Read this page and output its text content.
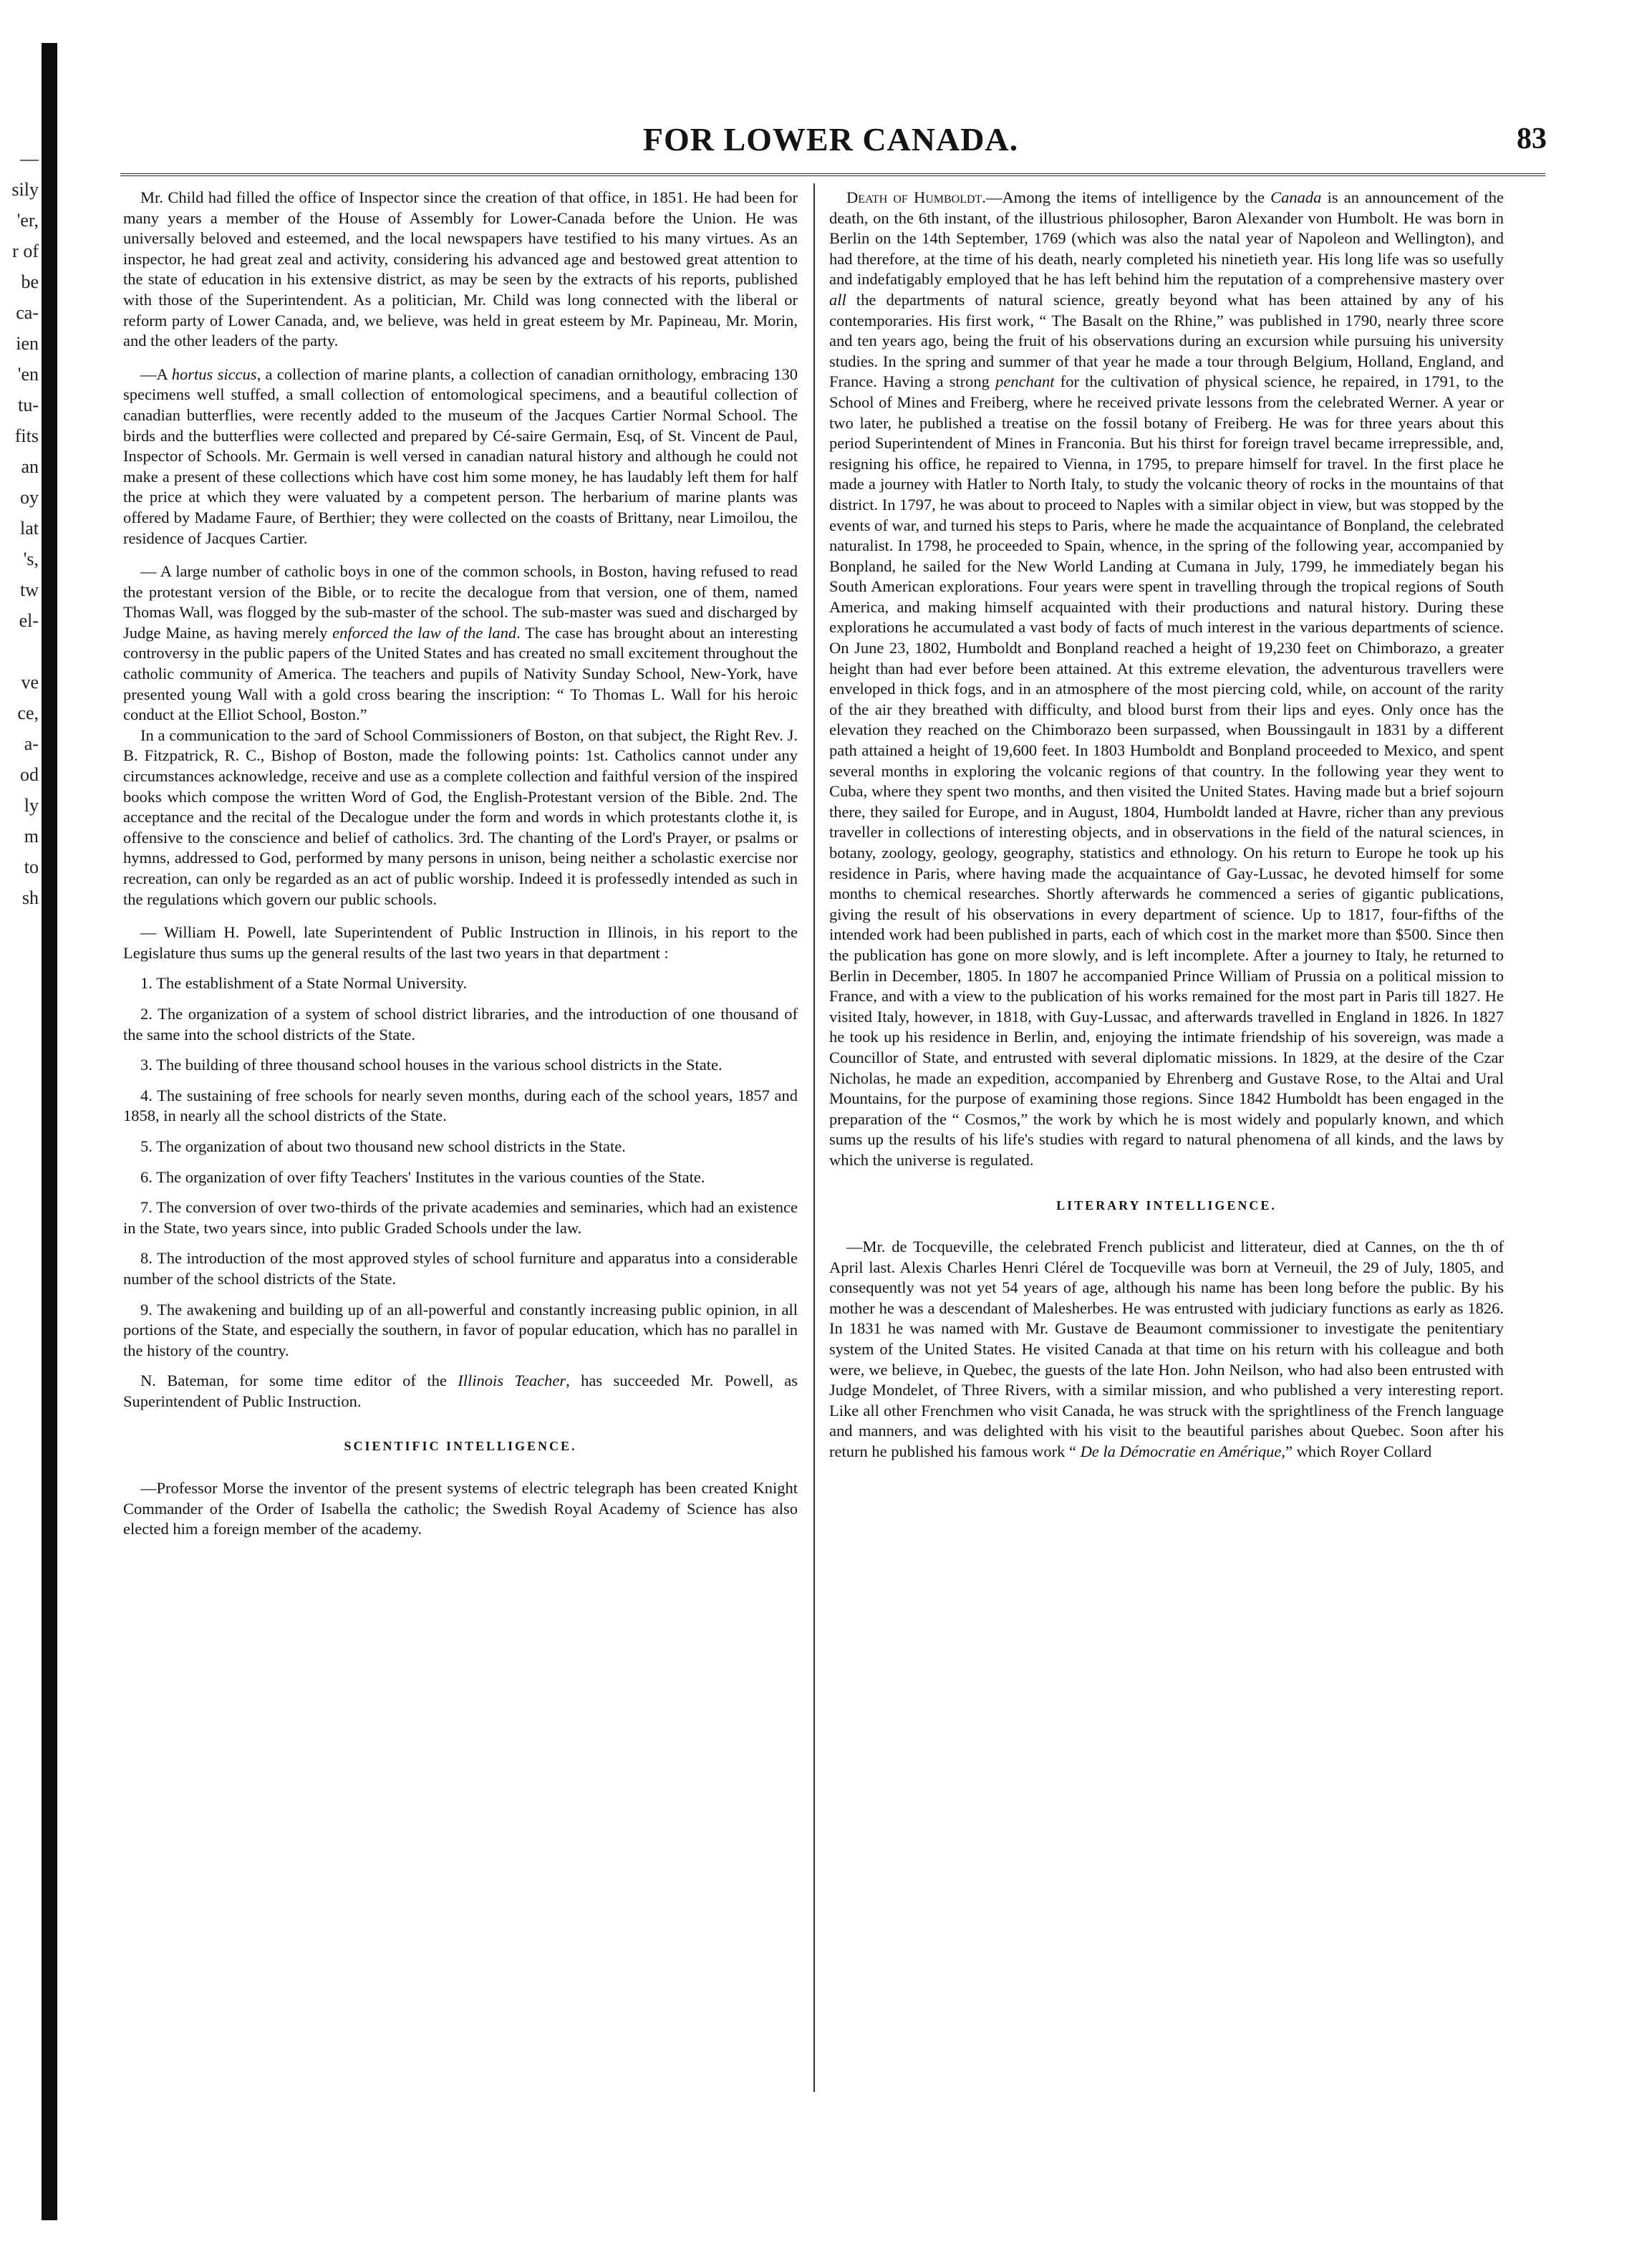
—
sily
'er,
r of
be
ca-
ien
'en
tu-
fits
an
oy
lat
's,
tw
el-
ve
ce,
a-
od
ly
m
to
sh
FOR LOWER CANADA.	83

Mr. Child had filled the office of Inspector since the creation of that office, in 1851. He had been for many years a member of the House of Assembly for Lower-Canada before the Union. He was universally beloved and esteemed, and the local newspapers have testified to his many virtues. As an inspector, he had great zeal and activity, considering his advanced age and bestowed great attention to the state of education in his extensive district, as may be seen by the extracts of his reports, published with those of the Superintendent. As a politician, Mr. Child was long connected with the liberal or reform party of Lower Canada, and, we believe, was held in great esteem by Mr. Papineau, Mr. Morin, and the other leaders of the party.

—A hortus siccus, a collection of marine plants, a collection of canadian ornithology, embracing 130 specimens well stuffed, a small collection of entomological specimens, and a beautiful collection of canadian butterflies, were recently added to the museum of the Jacques Cartier Normal School. The birds and the butterflies were collected and prepared by Cé-saire Germain, Esq, of St. Vincent de Paul, Inspector of Schools. Mr. Germain is well versed in canadian natural history and although he could not make a present of these collections which have cost him some money, he has laudably left them for half the price at which they were valuated by a competent person. The herbarium of marine plants was offered by Madame Faure, of Berthier; they were collected on the coasts of Brittany, near Limoilou, the residence of Jacques Cartier.

— A large number of catholic boys in one of the common schools, in Boston, having refused to read the protestant version of the Bible, or to recite the decalogue from that version, one of them, named Thomas Wall, was flogged by the sub-master of the school. The sub-master was sued and discharged by Judge Maine, as having merely enforced the law of the land. The case has brought about an interesting controversy in the public papers of the United States and has created no small excitement throughout the catholic community of America. The teachers and pupils of Nativity Sunday School, New-York, have presented young Wall with a gold cross bearing the inscription: “ To Thomas L. Wall for his heroic conduct at the Elliot School, Boston.”

In a communication to the ɔard of School Commissioners of Boston, on that subject, the Right Rev. J. B. Fitzpatrick, R. C., Bishop of Boston, made the following points: 1st. Catholics cannot under any circumstances acknowledge, receive and use as a complete collection and faithful version of the inspired books which compose the written Word of God, the English-Protestant version of the Bible. 2nd. The acceptance and the recital of the Decalogue under the form and words in which protestants clothe it, is offensive to the conscience and belief of catholics. 3rd. The chanting of the Lord's Prayer, or psalms or hymns, addressed to God, performed by many persons in unison, being neither a scholastic exercise nor recreation, can only be regarded as an act of public worship. Indeed it is professedly intended as such in the regulations which govern our public schools.

— William H. Powell, late Superintendent of Public Instruction in Illinois, in his report to the Legislature thus sums up the general results of the last two years in that department :

1. The establishment of a State Normal University.

2. The organization of a system of school district libraries, and the introduction of one thousand of the same into the school districts of the State.

3. The building of three thousand school houses in the various school districts in the State.

4. The sustaining of free schools for nearly seven months, during each of the school years, 1857 and 1858, in nearly all the school districts of the State.

5. The organization of about two thousand new school districts in the State.

6. The organization of over fifty Teachers' Institutes in the various counties of the State.

7. The conversion of over two-thirds of the private academies and seminaries, which had an existence in the State, two years since, into public Graded Schools under the law.

8. The introduction of the most approved styles of school furniture and apparatus into a considerable number of the school districts of the State.

9. The awakening and building up of an all-powerful and constantly increasing public opinion, in all portions of the State, and especially the southern, in favor of popular education, which has no parallel in the history of the country.

N. Bateman, for some time editor of the Illinois Teacher, has succeeded Mr. Powell, as Superintendent of Public Instruction.

SCIENTIFIC INTELLIGENCE.

—Professor Morse the inventor of the present systems of electric telegraph has been created Knight Commander of the Order of Isabella the catholic; the Swedish Royal Academy of Science has also elected him a foreign member of the academy.

Death of Humboldt.—Among the items of intelligence by the Canada is an announcement of the death, on the 6th instant, of the illustrious philosopher, Baron Alexander von Humbolt. He was born in Berlin on the 14th September, 1769 (which was also the natal year of Napoleon and Wellington), and had therefore, at the time of his death, nearly completed his ninetieth year. His long life was so usefully and indefatigably employed that he has left behind him the reputation of a comprehensive mastery over all the departments of natural science, greatly beyond what has been attained by any of his contemporaries. His first work, “ The Basalt on the Rhine,” was published in 1790, nearly three score and ten years ago, being the fruit of his observations during an excursion while pursuing his university studies. In the spring and summer of that year he made a tour through Belgium, Holland, England, and France. Having a strong penchant for the cultivation of physical science, he repaired, in 1791, to the School of Mines and Freiberg, where he received private lessons from the celebrated Werner. A year or two later, he published a treatise on the fossil botany of Freiberg. He was for three years about this period Superintendent of Mines in Franconia. But his thirst for foreign travel became irrepressible, and, resigning his office, he repaired to Vienna, in 1795, to prepare himself for travel. In the first place he made a journey with Hatler to North Italy, to study the volcanic theory of rocks in the mountains of that district. In 1797, he was about to proceed to Naples with a similar object in view, but was stopped by the events of war, and turned his steps to Paris, where he made the acquaintance of Bonpland, the celebrated naturalist. In 1798, he proceeded to Spain, whence, in the spring of the following year, accompanied by Bonpland, he sailed for the New World Landing at Cumana in July, 1799, he immediately began his South American explorations. Four years were spent in travelling through the tropical regions of South America, and making himself acquainted with their productions and natural history. During these explorations he accumulated a vast body of facts of much interest in the various departments of science. On June 23, 1802, Humboldt and Bonpland reached a height of 19,230 feet on Chimborazo, a greater height than had ever before been attained. At this extreme elevation, the adventurous travellers were enveloped in thick fogs, and in an atmosphere of the most piercing cold, while, on account of the rarity of the air they breathed with difficulty, and blood burst from their lips and eyes. Only once has the elevation they reached on the Chimborazo been surpassed, when Boussingault in 1831 by a different path attained a height of 19,600 feet. In 1803 Humboldt and Bonpland proceeded to Mexico, and spent several months in exploring the volcanic regions of that country. In the following year they went to Cuba, where they spent two months, and then visited the United States. Having made but a brief sojourn there, they sailed for Europe, and in August, 1804, Humboldt landed at Havre, richer than any previous traveller in collections of interesting objects, and in observations in the field of the natural sciences, in botany, zoology, geology, geography, statistics and ethnology. On his return to Europe he took up his residence in Paris, where having made the acquaintance of Gay-Lussac, he devoted himself for some months to chemical researches. Shortly afterwards he commenced a series of gigantic publications, giving the result of his observations in every department of science. Up to 1817, four-fifths of the intended work had been published in parts, each of which cost in the market more than $500. Since then the publication has gone on more slowly, and is left incomplete. After a journey to Italy, he returned to Berlin in December, 1805. In 1807 he accompanied Prince William of Prussia on a political mission to France, and with a view to the publication of his works remained for the most part in Paris till 1827. He visited Italy, however, in 1818, with Guy-Lussac, and afterwards travelled in England in 1826. In 1827 he took up his residence in Berlin, and, enjoying the intimate friendship of his sovereign, was made a Councillor of State, and entrusted with several diplomatic missions. In 1829, at the desire of the Czar Nicholas, he made an expedition, accompanied by Ehrenberg and Gustave Rose, to the Altai and Ural Mountains, for the purpose of examining those regions. Since 1842 Humboldt has been engaged in the preparation of the “ Cosmos,” the work by which he is most widely and popularly known, and which sums up the results of his life's studies with regard to natural phenomena of all kinds, and the laws by which the universe is regulated.

LITERARY INTELLIGENCE.

—Mr. de Tocqueville, the celebrated French publicist and litterateur, died at Cannes, on the th of April last. Alexis Charles Henri Clérel de Tocqueville was born at Verneuil, the 29 of July, 1805, and consequently was not yet 54 years of age, although his name has been long before the public. By his mother he was a descendant of Malesherbes. He was entrusted with judiciary functions as early as 1826. In 1831 he was named with Mr. Gustave de Beaumont commissioner to investigate the penitentiary system of the United States. He visited Canada at that time on his return with his colleague and both were, we believe, in Quebec, the guests of the late Hon. John Neilson, who had also been entrusted with Judge Mondelet, of Three Rivers, with a similar mission, and who published a very interesting report. Like all other Frenchmen who visit Canada, he was struck with the sprightliness of the French language and manners, and was delighted with his visit to the beautiful parishes about Quebec. Soon after his return he published his famous work “ De la Démocratie en Amérique,” which Royer Collard
